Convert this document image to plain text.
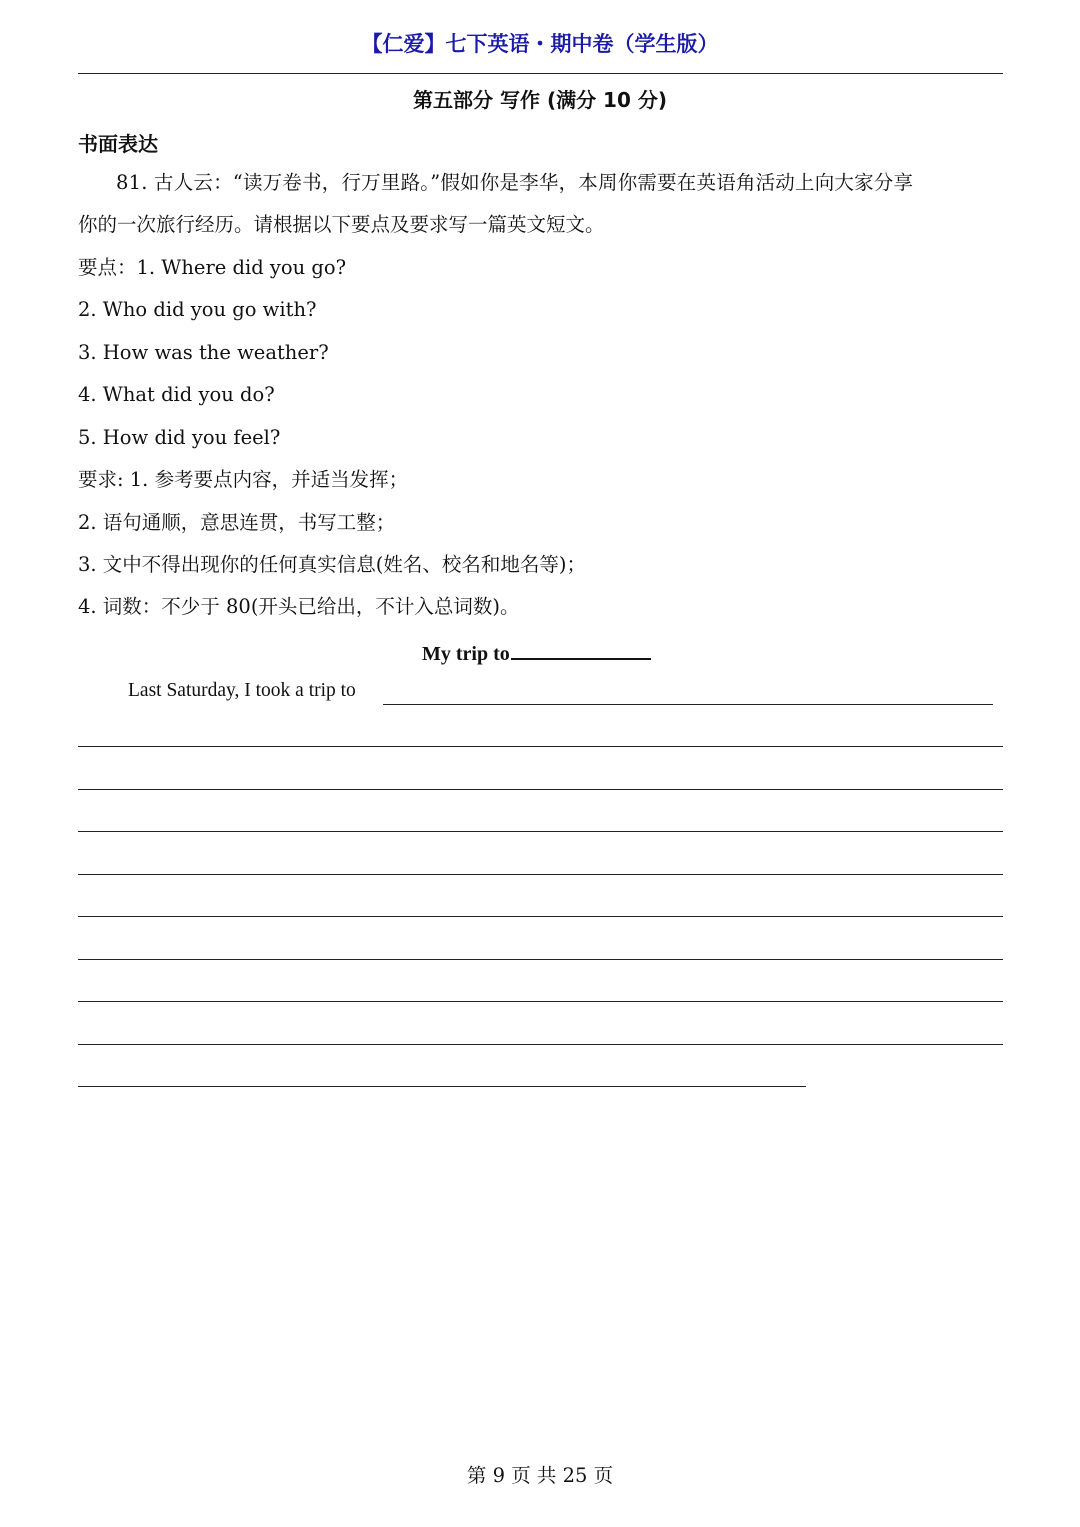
【仁爱】七下英语・期中卷（学生版）
第五部分 写作 (满分 10 分)
书面表达
81. 古人云：“读万卷书，行万里路。”假如你是李华，本周你需要在英语角活动上向大家分享
你的一次旅行经历。请根据以下要点及要求写一篇英文短文。
要点：1. Where did you go?
2. Who did you go with?
3. How was the weather?
4. What did you do?
5. How did you feel?
要求: 1. 参考要点内容，并适当发挥；
2. 语句通顺，意思连贯，书写工整；
3. 文中不得出现你的任何真实信息(姓名、校名和地名等)；
4. 词数：不少于 80(开头已给出，不计入总词数)。
My trip to
Last Saturday, I took a trip to
第 9 页 共 25 页
